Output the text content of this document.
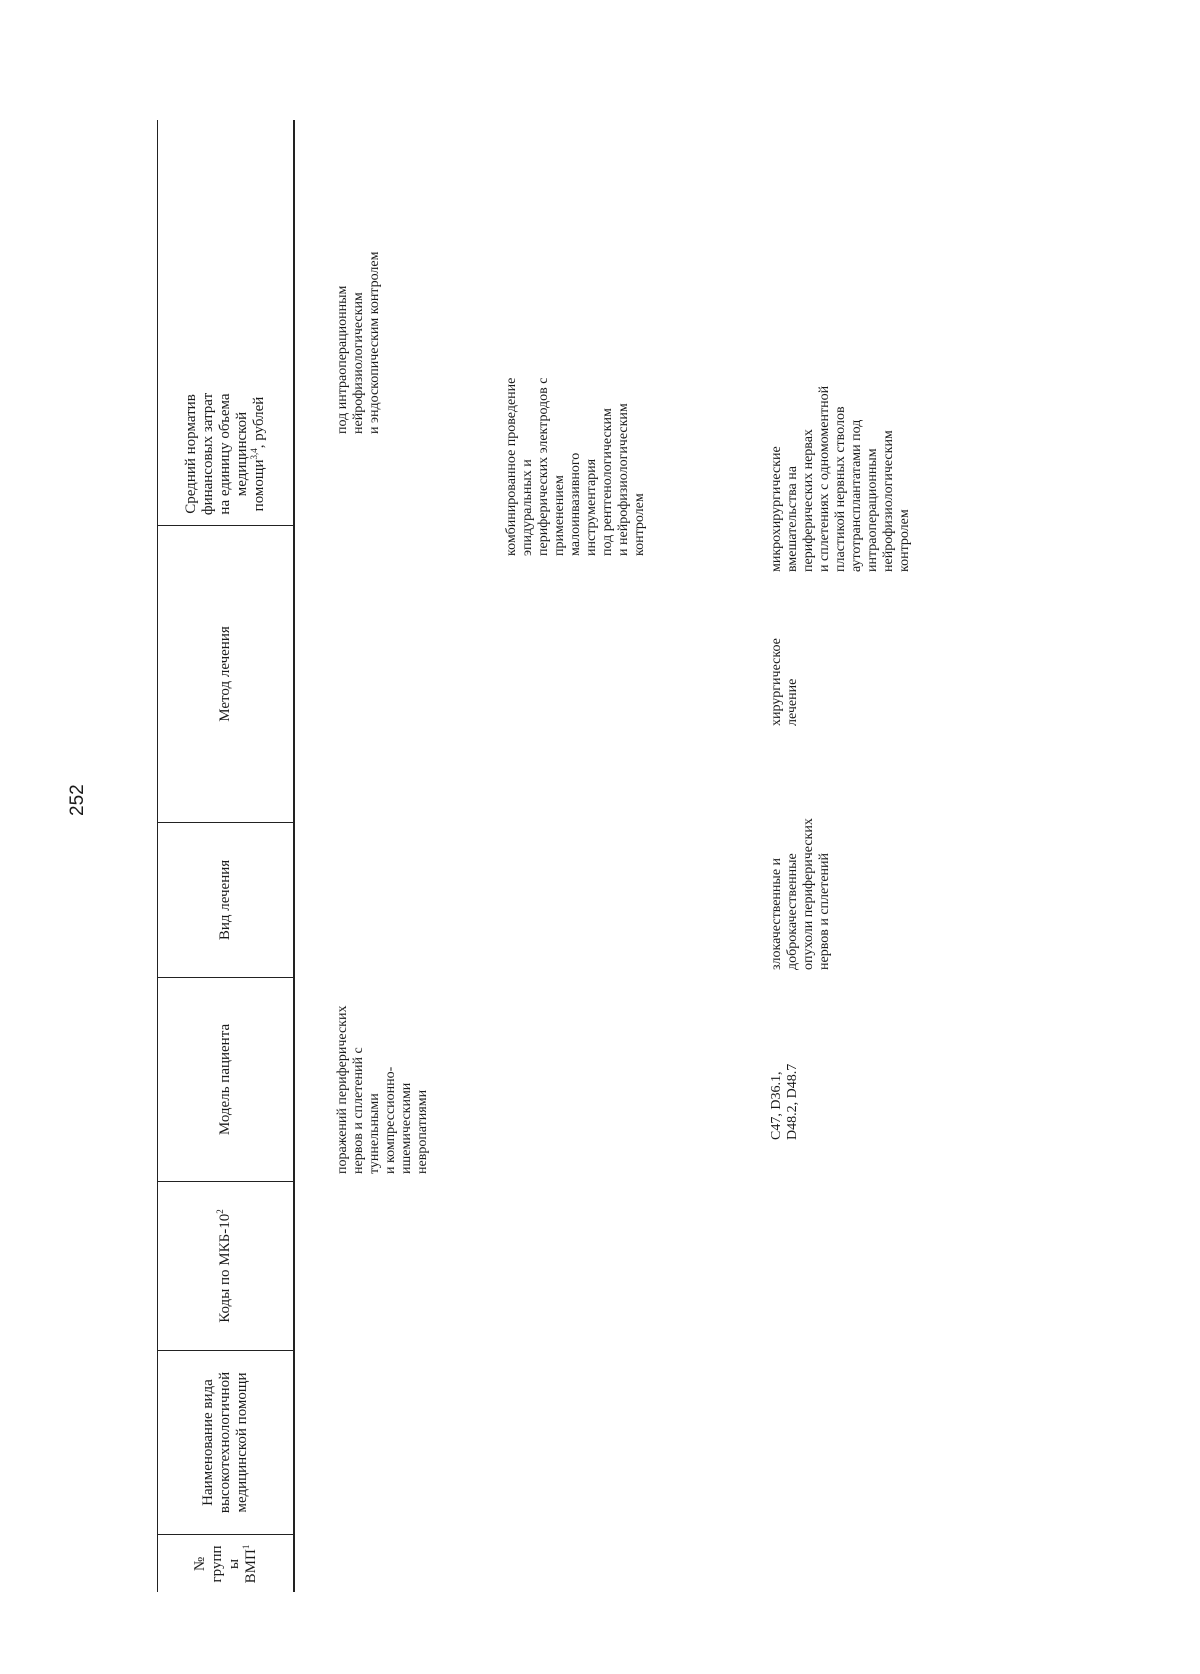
252
№
групп
ы
ВМП$^1$
Наименование вида высокотехнологичной медицинской помощи
Коды по МКБ-$10^2$
Модель пациента
Вид лечения
Метод лечения
Средний норматив финансовых затрат на единицу объема медицинской помощи$^{3,4}$, рублей
поражений периферических
нервов и сплетений с
туннельными
и компрессионно-
ишемическими
невропатиями
под интраоперационным
нейрофизиологическим
и эндоскопическим контролем
комбинированное проведение
эпидуральных и
периферических электродов с
применением
малоинвазивного
инструментария
под рентгенологическим
и нейрофизиологическим
контролем
C47, D36.1,
D48.2, D48.7
злокачественные и
доброкачественные
опухоли периферических
нервов и сплетений
хирургическое
лечение
микрохирургические
вмешательства на
периферических нервах
и сплетениях с одномоментной
пластикой нервных стволов
аутотрансплантатами под
интраоперационным
нейрофизиологическим
контролем
